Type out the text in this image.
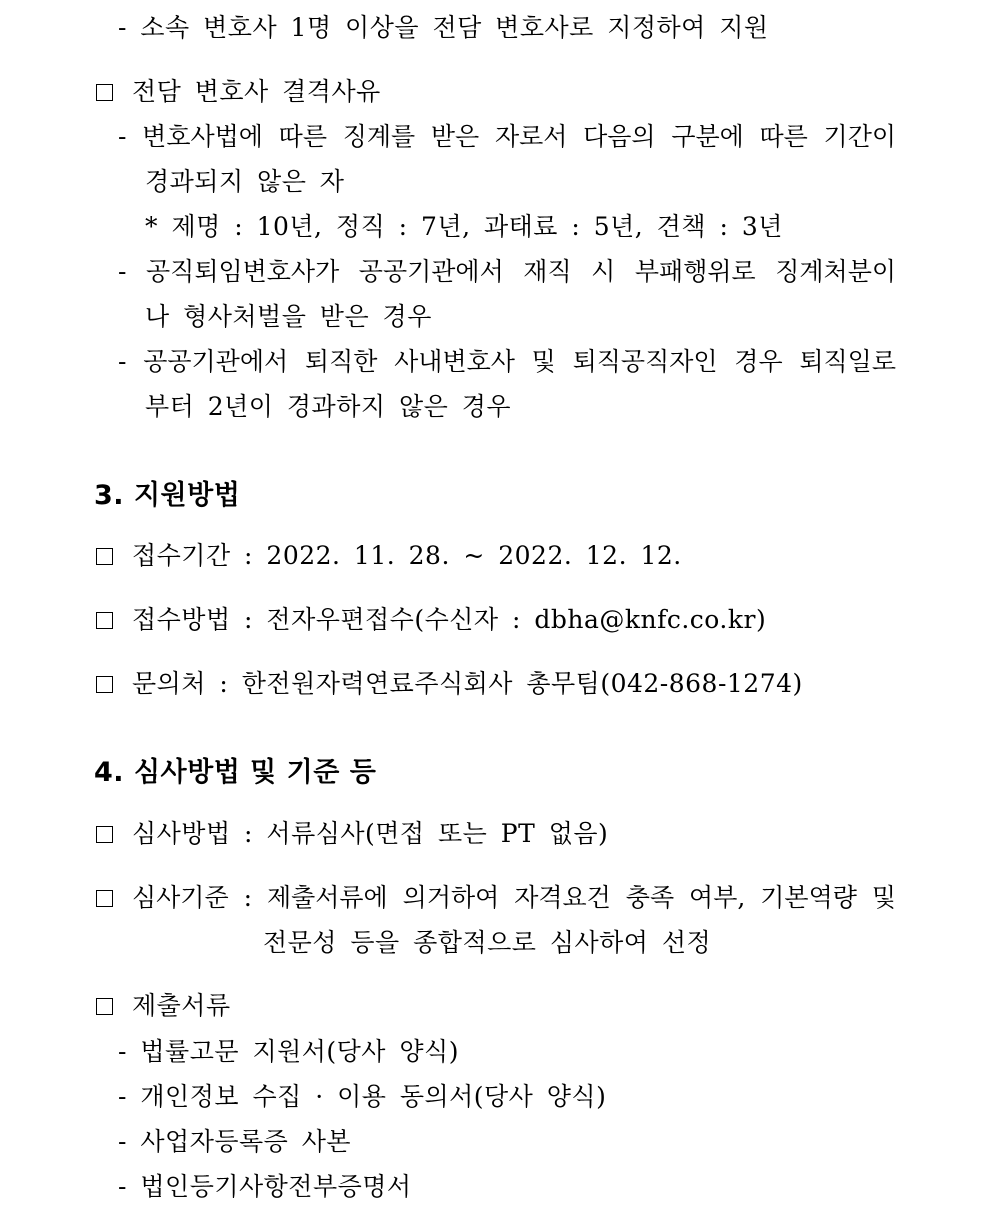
- 소속 변호사 1명 이상을 전담 변호사로 지정하여 지원
전담 변호사 결격사유
- 변호사법에 따른 징계를 받은 자로서 다음의 구분에 따른 기간이
경과되지 않은 자
* 제명 : 10년, 정직 : 7년, 과태료 : 5년, 견책 : 3년
- 공직퇴임변호사가 공공기관에서 재직 시 부패행위로 징계처분이
나 형사처벌을 받은 경우
- 공공기관에서 퇴직한 사내변호사 및 퇴직공직자인 경우 퇴직일로
부터 2년이 경과하지 않은 경우
3. 지원방법
접수기간 : 2022. 11. 28. ~ 2022. 12. 12.
접수방법 : 전자우편접수(수신자 : dbha@knfc.co.kr)
문의처 : 한전원자력연료주식회사 총무팀(042-868-1274)
4. 심사방법 및 기준 등
심사방법 : 서류심사(면접 또는 PT 없음)
심사기준 : 제출서류에 의거하여 자격요건 충족 여부, 기본역량 및
전문성 등을 종합적으로 심사하여 선정
제출서류
- 법률고문 지원서(당사 양식)
- 개인정보 수집 · 이용 동의서(당사 양식)
- 사업자등록증 사본
- 법인등기사항전부증명서
